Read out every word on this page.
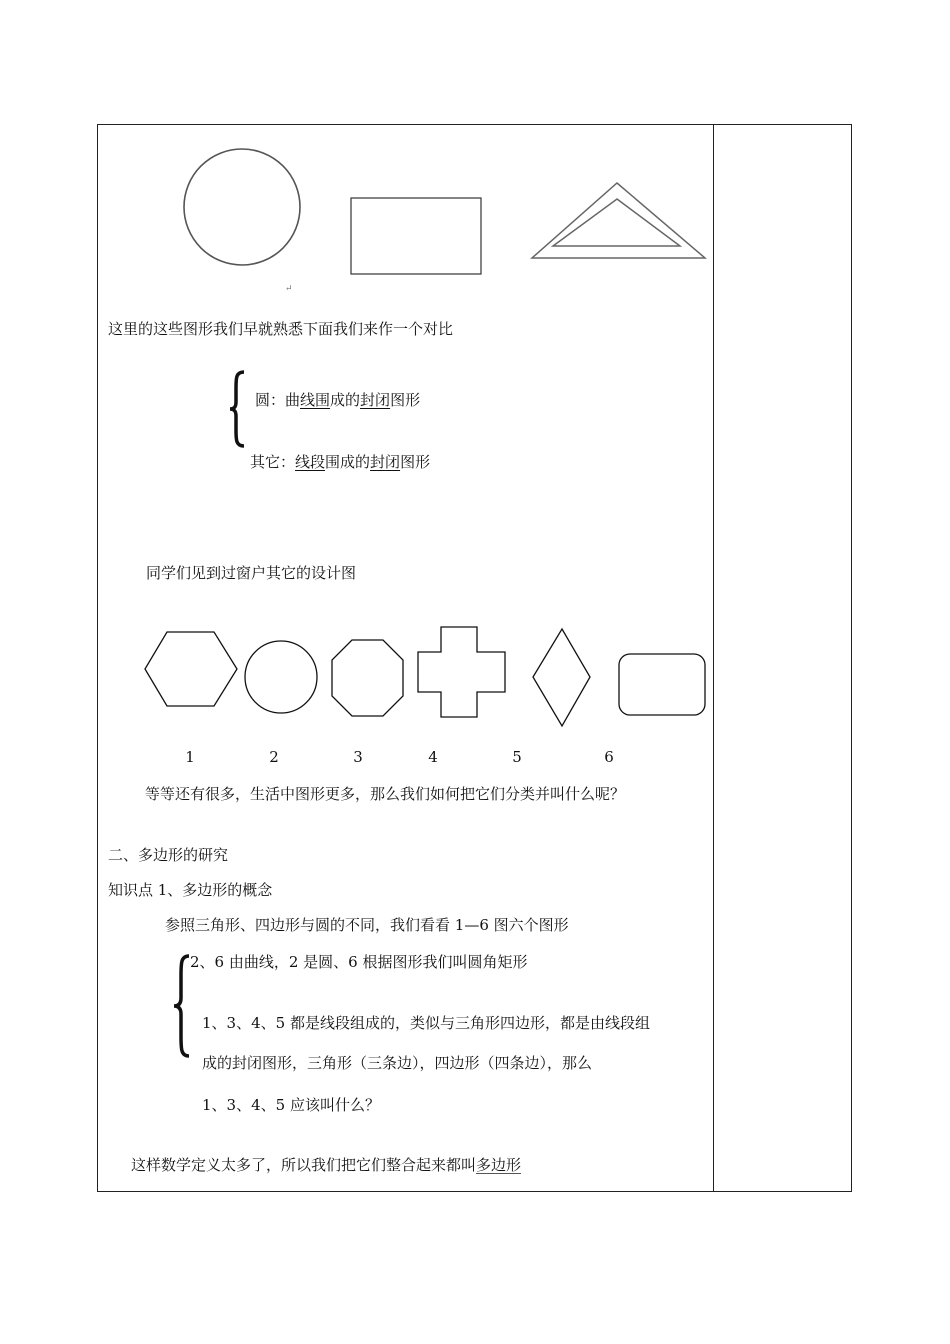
↵
这里的这些图形我们早就熟悉下面我们来作一个对比
圆：曲线围成的封闭图形
其它：线段围成的封闭图形
同学们见到过窗户其它的设计图
1	2	3	4	5	6
等等还有很多，生活中图形更多，那么我们如何把它们分类并叫什么呢？
二、多边形的研究
知识点 1、多边形的概念
参照三角形、四边形与圆的不同，我们看看 1—6 图六个图形
2、6 由曲线，2 是圆、6 根据图形我们叫圆角矩形
1、3、4、5 都是线段组成的，类似与三角形四边形，都是由线段组
成的封闭图形，三角形（三条边），四边形（四条边），那么
1、3、4、5 应该叫什么？
这样数学定义太多了，所以我们把它们整合起来都叫多边形
